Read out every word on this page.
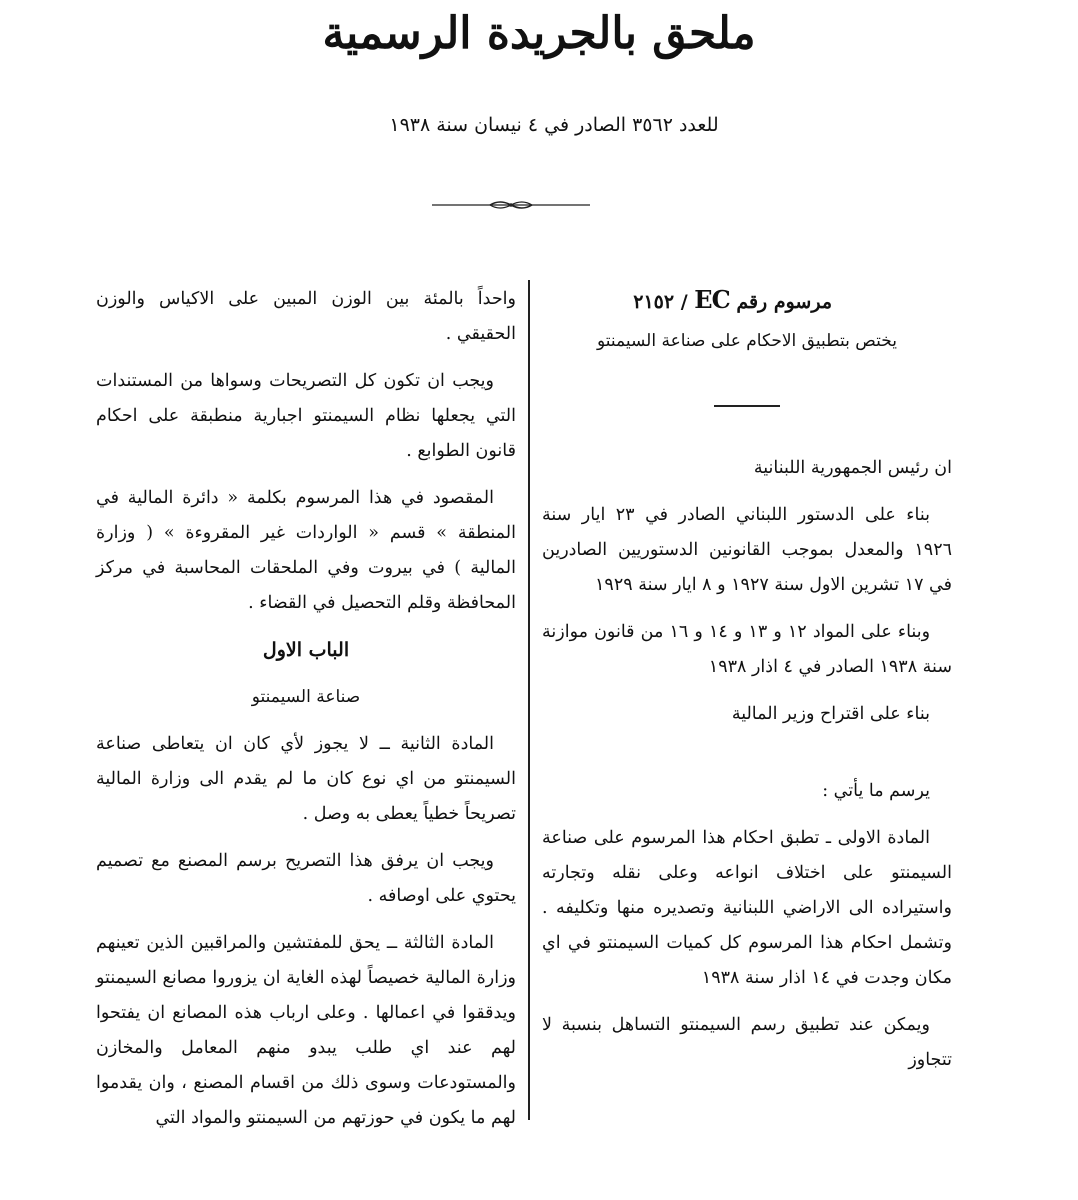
ملحق بالجريدة الرسمية
للعدد ٣٥٦٢ الصادر في ٤ نيسان سنة ١٩٣٨
مرسوم رقم EC / ٢١٥٢

يختص بتطبيق الاحكام على صناعة السيمنتو

ان رئيس الجمهورية اللبنانية

بناء على الدستور اللبناني الصادر في ٢٣ ايار سنة ١٩٢٦ والمعدل بموجب القانونين الدستوريين الصادرين في ١٧ تشرين الاول سنة ١٩٢٧ و ٨ ايار سنة ١٩٢٩

وبناء على المواد ١٢ و ١٣ و ١٤ و ١٦ من قانون موازنة سنة ١٩٣٨ الصادر في ٤ اذار ١٩٣٨

بناء على اقتراح وزير المالية

يرسم ما يأتي :

المادة الاولى ـ تطبق احكام هذا المرسوم على صناعة السيمنتو على اختلاف انواعه وعلى نقله وتجارته واستيراده الى الاراضي اللبنانية وتصديره منها وتكليفه . وتشمل احكام هذا المرسوم كل كميات السيمنتو في اي مكان وجدت في ١٤ اذار سنة ١٩٣٨

ويمكن عند تطبيق رسم السيمنتو التساهل بنسبة لا تتجاوز

واحداً بالمئة بين الوزن المبين على الاكياس والوزن الحقيقي .

ويجب ان تكون كل التصريحات وسواها من المستندات التي يجعلها نظام السيمنتو اجبارية منطبقة على احكام قانون الطوابع .

المقصود في هذا المرسوم بكلمة « دائرة المالية في المنطقة » قسم « الواردات غير المقروءة » ( وزارة المالية ) في بيروت وفي الملحقات المحاسبة في مركز المحافظة وقلم التحصيل في القضاء .

الباب الاول

صناعة السيمنتو

المادة الثانية ــ لا يجوز لأي كان ان يتعاطى صناعة السيمنتو من اي نوع كان ما لم يقدم الى وزارة المالية تصريحاً خطياً يعطى به وصل .

ويجب ان يرفق هذا التصريح برسم المصنع مع تصميم يحتوي على اوصافه .

المادة الثالثة ــ يحق للمفتشين والمراقبين الذين تعينهم وزارة المالية خصيصاً لهذه الغاية ان يزوروا مصانع السيمنتو ويدققوا في اعمالها . وعلى ارباب هذه المصانع ان يفتحوا لهم عند اي طلب يبدو منهم المعامل والمخازن والمستودعات وسوى ذلك من اقسام المصنع ، وان يقدموا لهم ما يكون في حوزتهم من السيمنتو والمواد التي
